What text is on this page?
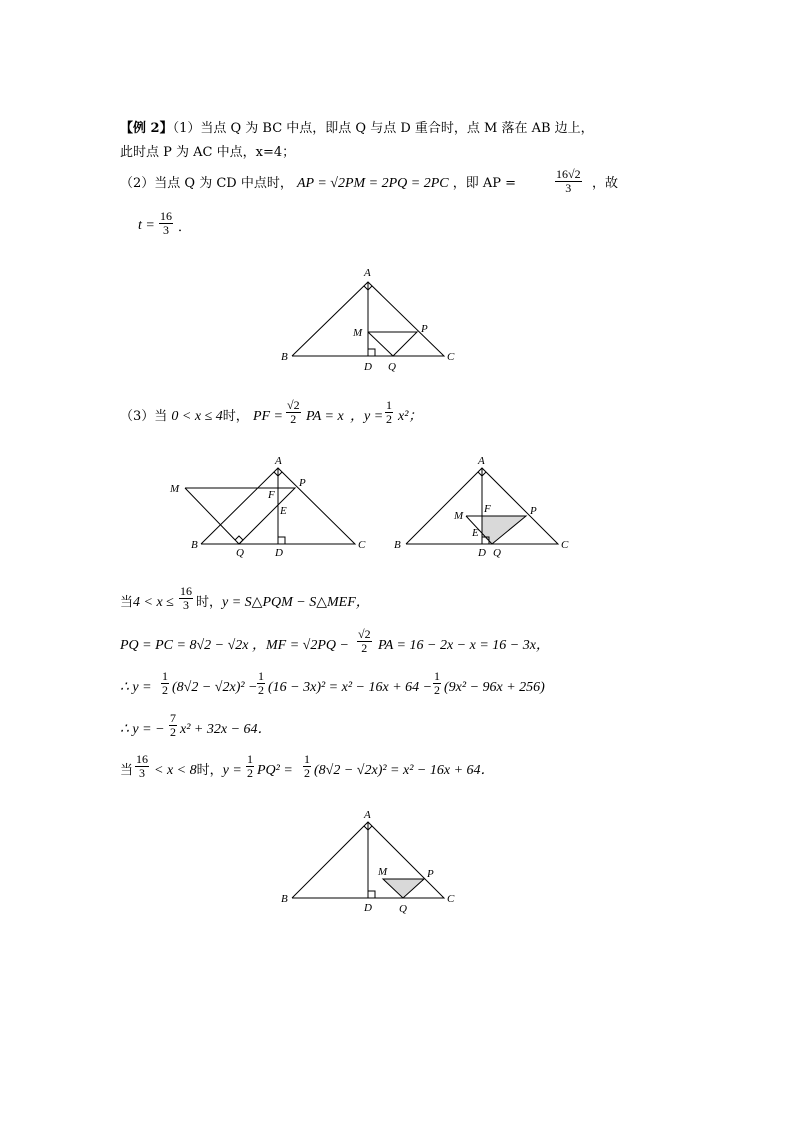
【例 2】（1）当点 Q 为 BC 中点，即点 Q 与点 D 重合时，点 M 落在 AB 边上，
此时点 P 为 AC 中点，x=4；
（2）当点 Q 为 CD 中点时， AP = √2PM = 2PQ = 2PC ，即 AP =	$\frac{16√2}{3}$ ，故
$t = \frac{16}{3}$ ．
A
B	C
D Q
M	P
（3）当 0 < x ≤ 4时， PF = $\frac{√2}{2}$ PA = x ，$y = \frac{1}{2} x^2$；
A
B	C
D
Q
M	P
F
E
A
B	C
D Q
M	P
F
E
当$4 < x \le \frac{16}{3}$ 时，y = S△PQM − S△MEF，
PQ = PC = 8√2 − √2x ，MF = $√2PQ - \frac{√2}{2}$ PA = 16 − 2x − x = 16 − 3x，
∴ $y = \frac{1}{2} (8√2 - √2x)^2 - \frac{1}{2} (16 - 3x)^2 = x^2 - 16x + 64 - \frac{1}{2} (9x^2 - 96x + 256)$
∴ y = − $\frac{7}{2} x^2 + 32x - 64$．
当 $\frac{16}{3} < x < 8$时，$y = \frac{1}{2} PQ^2 = \frac{1}{2} (8√2 - √2x)^2 = x^2 - 16x + 64$．
A
B	C
D Q
M	P
